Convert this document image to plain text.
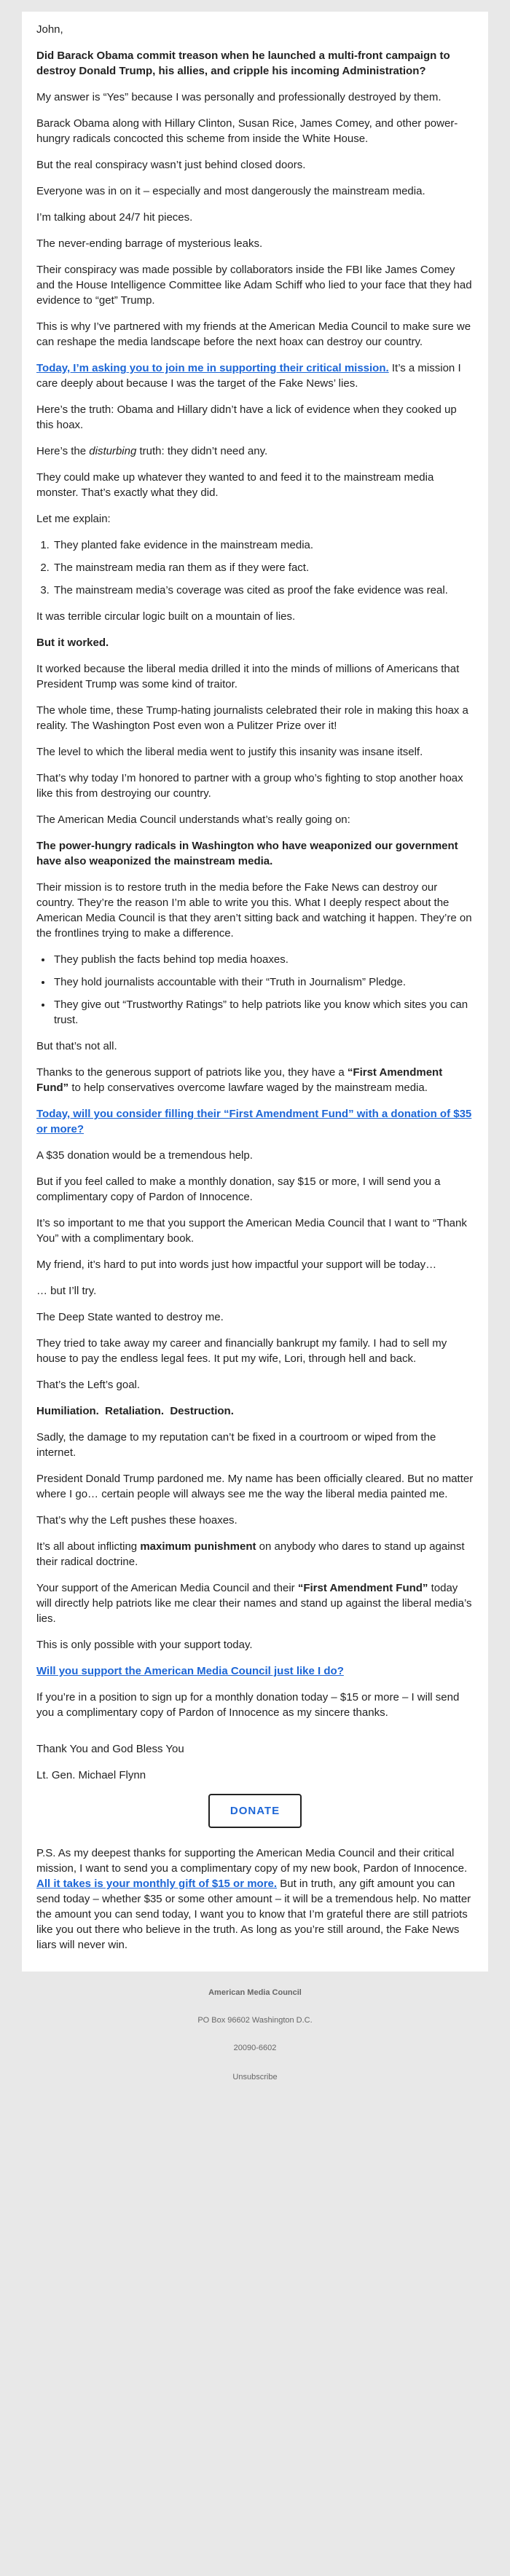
John,

Did Barack Obama commit treason when he launched a multi-front campaign to destroy Donald Trump, his allies, and cripple his incoming Administration?

My answer is “Yes” because I was personally and professionally destroyed by them.

Barack Obama along with Hillary Clinton, Susan Rice, James Comey, and other power-hungry radicals concocted this scheme from inside the White House.

But the real conspiracy wasn’t just behind closed doors.

Everyone was in on it – especially and most dangerously the mainstream media.

I’m talking about 24/7 hit pieces.

The never-ending barrage of mysterious leaks.

Their conspiracy was made possible by collaborators inside the FBI like James Comey and the House Intelligence Committee like Adam Schiff who lied to your face that they had evidence to “get” Trump.

This is why I’ve partnered with my friends at the American Media Council to make sure we can reshape the media landscape before the next hoax can destroy our country.

Today, I’m asking you to join me in supporting their critical mission. It’s a mission I care deeply about because I was the target of the Fake News’ lies.

Here’s the truth: Obama and Hillary didn’t have a lick of evidence when they cooked up this hoax.

Here’s the disturbing truth: they didn’t need any.

They could make up whatever they wanted to and feed it to the mainstream media monster. That’s exactly what they did.

Let me explain:

1. They planted fake evidence in the mainstream media.
2. The mainstream media ran them as if they were fact.
3. The mainstream media’s coverage was cited as proof the fake evidence was real.

It was terrible circular logic built on a mountain of lies.

But it worked.

It worked because the liberal media drilled it into the minds of millions of Americans that President Trump was some kind of traitor.

The whole time, these Trump-hating journalists celebrated their role in making this hoax a reality. The Washington Post even won a Pulitzer Prize over it!

The level to which the liberal media went to justify this insanity was insane itself.

That’s why today I’m honored to partner with a group who’s fighting to stop another hoax like this from destroying our country.

The American Media Council understands what’s really going on:

The power-hungry radicals in Washington who have weaponized our government have also weaponized the mainstream media.

Their mission is to restore truth in the media before the Fake News can destroy our country. They’re the reason I’m able to write you this. What I deeply respect about the American Media Council is that they aren’t sitting back and watching it happen. They’re on the frontlines trying to make a difference.

• They publish the facts behind top media hoaxes.
• They hold journalists accountable with their “Truth in Journalism” Pledge.
• They give out “Trustworthy Ratings” to help patriots like you know which sites you can trust.

But that’s not all.

Thanks to the generous support of patriots like you, they have a “First Amendment Fund” to help conservatives overcome lawfare waged by the mainstream media.

Today, will you consider filling their “First Amendment Fund” with a donation of $35 or more?

A $35 donation would be a tremendous help.

But if you feel called to make a monthly donation, say $15 or more, I will send you a complimentary copy of Pardon of Innocence.

It’s so important to me that you support the American Media Council that I want to “Thank You” with a complimentary book.

My friend, it’s hard to put into words just how impactful your support will be today…

… but I’ll try.

The Deep State wanted to destroy me.

They tried to take away my career and financially bankrupt my family. I had to sell my house to pay the endless legal fees. It put my wife, Lori, through hell and back.

That’s the Left’s goal.

Humiliation.  Retaliation.  Destruction.

Sadly, the damage to my reputation can’t be fixed in a courtroom or wiped from the internet.

President Donald Trump pardoned me. My name has been officially cleared. But no matter where I go… certain people will always see me the way the liberal media painted me.

That’s why the Left pushes these hoaxes.

It’s all about inflicting maximum punishment on anybody who dares to stand up against their radical doctrine.

Your support of the American Media Council and their “First Amendment Fund” today will directly help patriots like me clear their names and stand up against the liberal media’s lies.

This is only possible with your support today.

Will you support the American Media Council just like I do?

If you’re in a position to sign up for a monthly donation today – $15 or more – I will send you a complimentary copy of Pardon of Innocence as my sincere thanks.

Thank You and God Bless You

Lt. Gen. Michael Flynn

DONATE

P.S. As my deepest thanks for supporting the American Media Council and their critical mission, I want to send you a complimentary copy of my new book, Pardon of Innocence. All it takes is your monthly gift of $15 or more. But in truth, any gift amount you can send today – whether $35 or some other amount – it will be a tremendous help. No matter the amount you can send today, I want you to know that I’m grateful there are still patriots like you out there who believe in the truth. As long as you’re still around, the Fake News liars will never win.

American Media Council
PO Box 96602 Washington D.C.
20090-6602
Unsubscribe
